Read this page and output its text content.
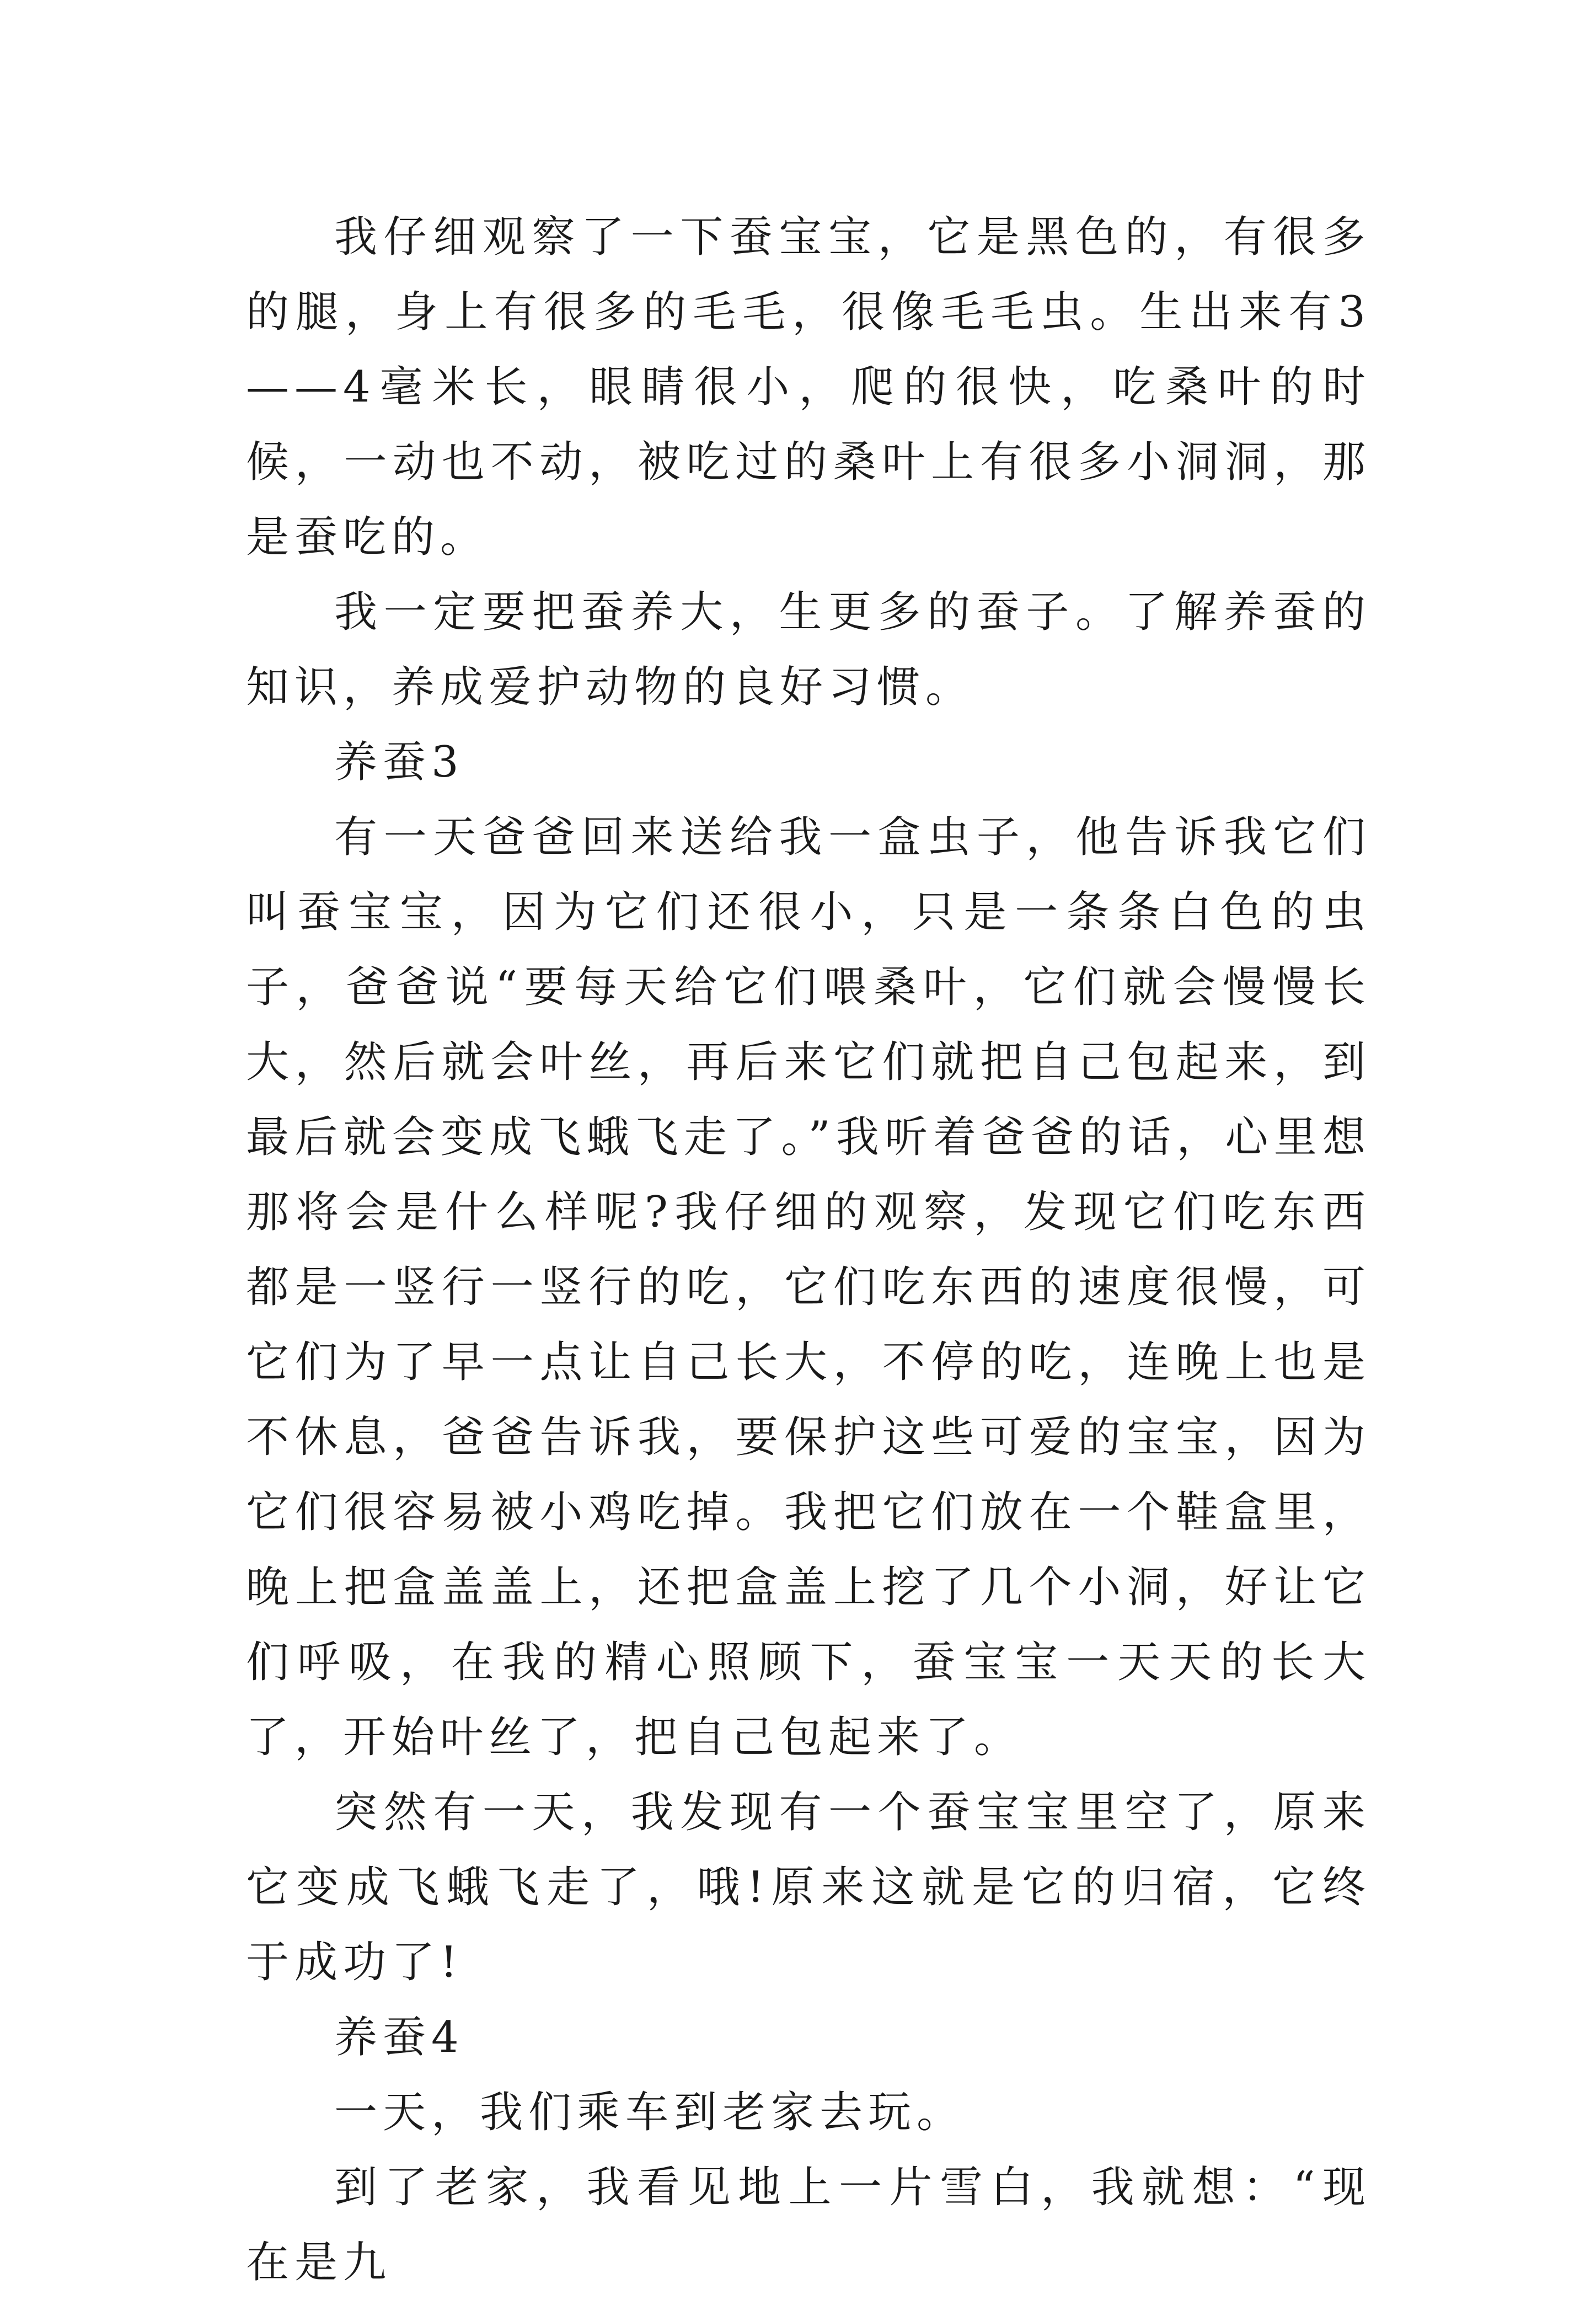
我仔细观察了一下蚕宝宝，它是黑色的，有很多的腿，身上有很多的毛毛，很像毛毛虫。生出来有3——4毫米长，眼睛很小，爬的很快，吃桑叶的时候，一动也不动，被吃过的桑叶上有很多小洞洞，那是蚕吃的。

我一定要把蚕养大，生更多的蚕子。了解养蚕的知识，养成爱护动物的良好习惯。

养蚕3

有一天爸爸回来送给我一盒虫子，他告诉我它们叫蚕宝宝，因为它们还很小，只是一条条白色的虫子，爸爸说“要每天给它们喂桑叶，它们就会慢慢长大，然后就会叶丝，再后来它们就把自己包起来，到最后就会变成飞蛾飞走了。”我听着爸爸的话，心里想那将会是什么样呢?我仔细的观察，发现它们吃东西都是一竖行一竖行的吃，它们吃东西的速度很慢，可它们为了早一点让自己长大，不停的吃，连晚上也是不休息，爸爸告诉我，要保护这些可爱的宝宝，因为它们很容易被小鸡吃掉。我把它们放在一个鞋盒里，晚上把盒盖盖上，还把盒盖上挖了几个小洞，好让它们呼吸，在我的精心照顾下，蚕宝宝一天天的长大了，开始叶丝了，把自己包起来了。

突然有一天，我发现有一个蚕宝宝里空了，原来它变成飞蛾飞走了，哦!原来这就是它的归宿，它终于成功了!

养蚕4

一天，我们乘车到老家去玩。

到了老家，我看见地上一片雪白，我就想：“现在是九
